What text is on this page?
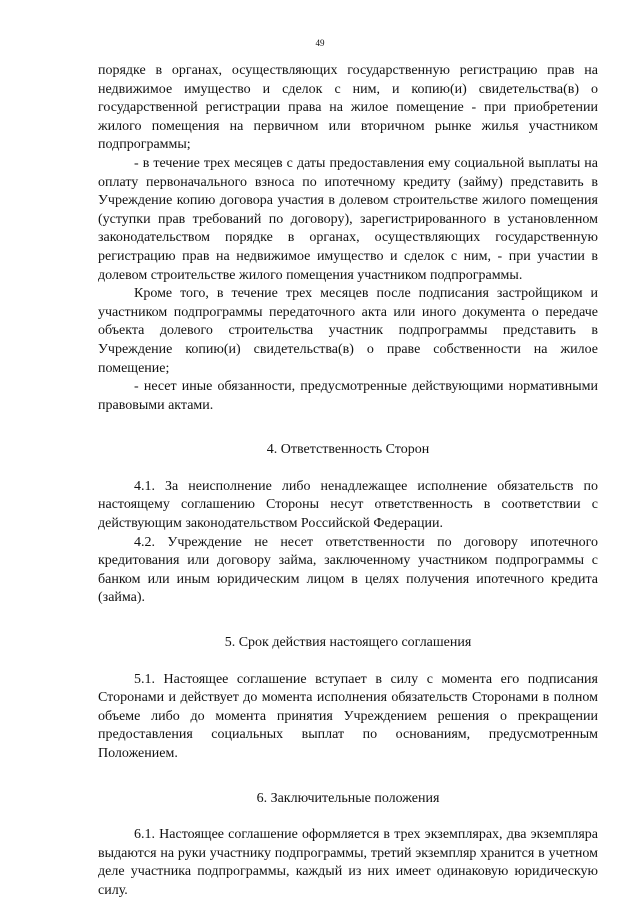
49

порядке в органах, осуществляющих государственную регистрацию прав на недвижимое имущество и сделок с ним, и копию(и) свидетельства(в) о государственной регистрации права на жилое помещение - при приобретении жилого помещения на первичном или вторичном рынке жилья участником подпрограммы;

- в течение трех месяцев с даты предоставления ему социальной выплаты на оплату первоначального взноса по ипотечному кредиту (займу) представить в Учреждение копию договора участия в долевом строительстве жилого помещения (уступки прав требований по договору), зарегистрированного в установленном законодательством порядке в органах, осуществляющих государственную регистрацию прав на недвижимое имущество и сделок с ним, - при участии в долевом строительстве жилого помещения участником подпрограммы.

Кроме того, в течение трех месяцев после подписания застройщиком и участником подпрограммы передаточного акта или иного документа о передаче объекта долевого строительства участник подпрограммы представить в Учреждение копию(и) свидетельства(в) о праве собственности на жилое помещение;

- несет иные обязанности, предусмотренные действующими нормативными правовыми актами.

4. Ответственность Сторон

4.1. За неисполнение либо ненадлежащее исполнение обязательств по настоящему соглашению Стороны несут ответственность в соответствии с действующим законодательством Российской Федерации.

4.2. Учреждение не несет ответственности по договору ипотечного кредитования или договору займа, заключенному участником подпрограммы с банком или иным юридическим лицом в целях получения ипотечного кредита (займа).

5. Срок действия настоящего соглашения

5.1. Настоящее соглашение вступает в силу с момента его подписания Сторонами и действует до момента исполнения обязательств Сторонами в полном объеме либо до момента принятия Учреждением решения о прекращении предоставления социальных выплат по основаниям, предусмотренным Положением.

6. Заключительные положения

6.1. Настоящее соглашение оформляется в трех экземплярах, два экземпляра выдаются на руки участнику подпрограммы, третий экземпляр хранится в учетном деле участника подпрограммы, каждый из них имеет одинаковую юридическую силу.
